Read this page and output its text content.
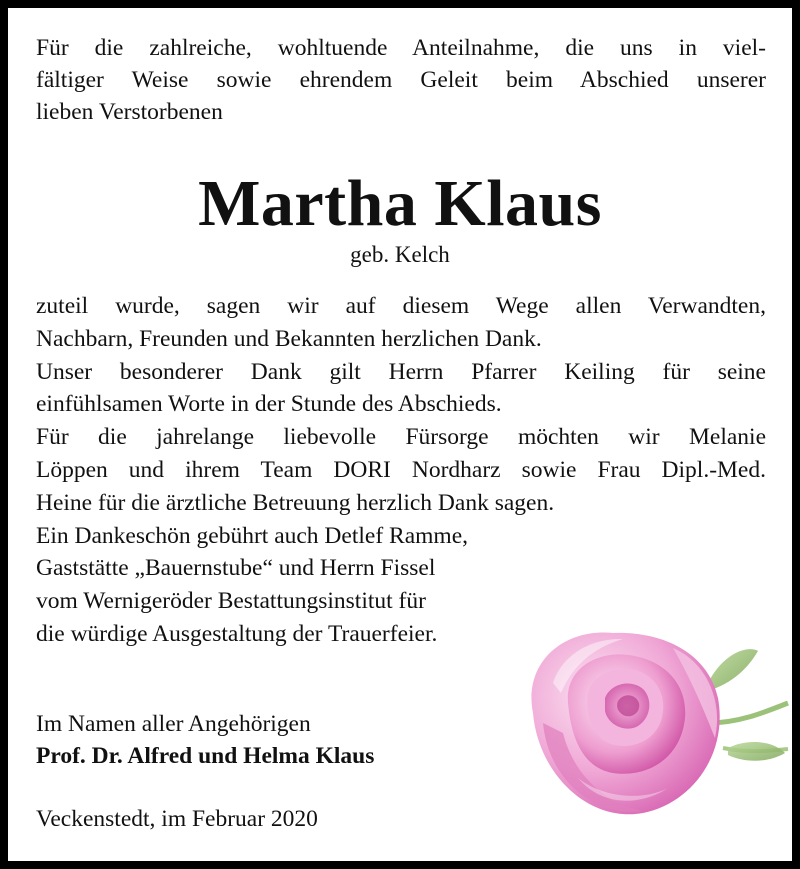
Für die zahlreiche, wohltuende Anteilnahme, die uns in viel-

fältiger Weise sowie ehrendem Geleit beim Abschied unserer

lieben Verstorbenen

Martha Klaus
geb. Kelch
zuteil wurde, sagen wir auf diesem Wege allen Verwandten,
Nachbarn, Freunden und Bekannten herzlichen Dank.
Unser besonderer Dank gilt Herrn Pfarrer Keiling für seine
einfühlsamen Worte in der Stunde des Abschieds.
Für die jahrelange liebevolle Fürsorge möchten wir Melanie
Löppen und ihrem Team DORI Nordharz sowie Frau Dipl.-Med.
Heine für die ärztliche Betreuung herzlich Dank sagen.
Ein Dankeschön gebührt auch Detlef Ramme,
Gaststätte „Bauernstube“ und Herrn Fissel
vom Wernigeröder Bestattungsinstitut für
die würdige Ausgestaltung der Trauerfeier.
Im Namen aller Angehörigen
Prof. Dr. Alfred und Helma Klaus
Veckenstedt, im Februar 2020
